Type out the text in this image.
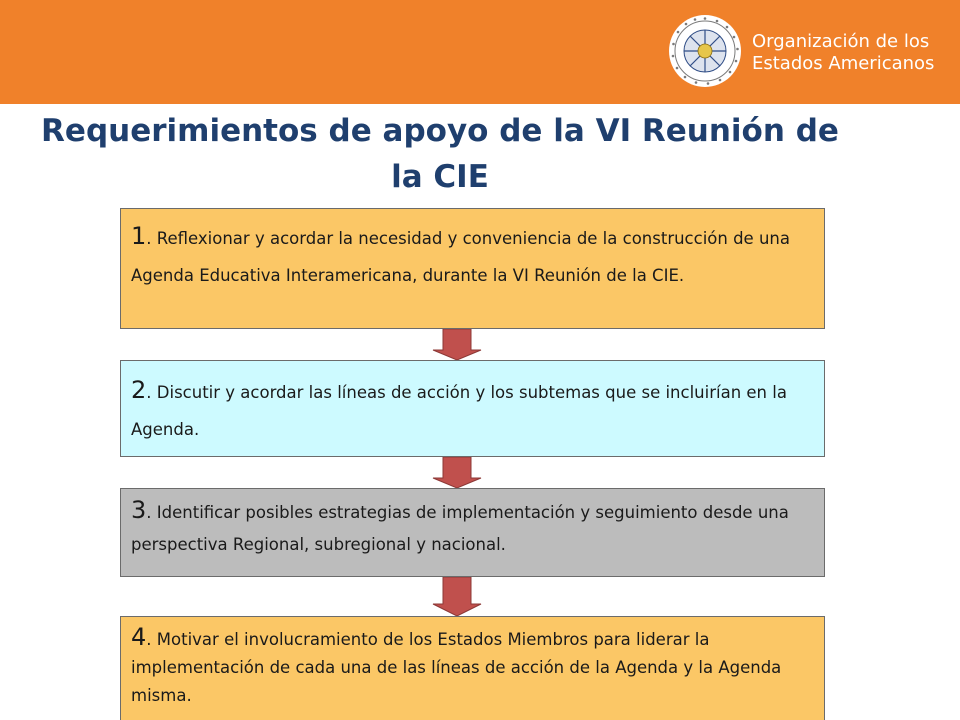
Organización de los
Estados Americanos
Requerimientos de apoyo de la VI Reunión de
la CIE
1. Reflexionar y acordar la necesidad y conveniencia de la construcción de una Agenda Educativa Interamericana, durante la VI Reunión de la CIE.
2. Discutir y acordar las líneas de acción y los subtemas que se incluirían en la Agenda.
3. Identificar posibles estrategias de implementación y seguimiento desde una perspectiva Regional, subregional y nacional.
4. Motivar el involucramiento de los Estados Miembros para liderar la implementación de cada una de las líneas de acción de la Agenda y la Agenda misma.
